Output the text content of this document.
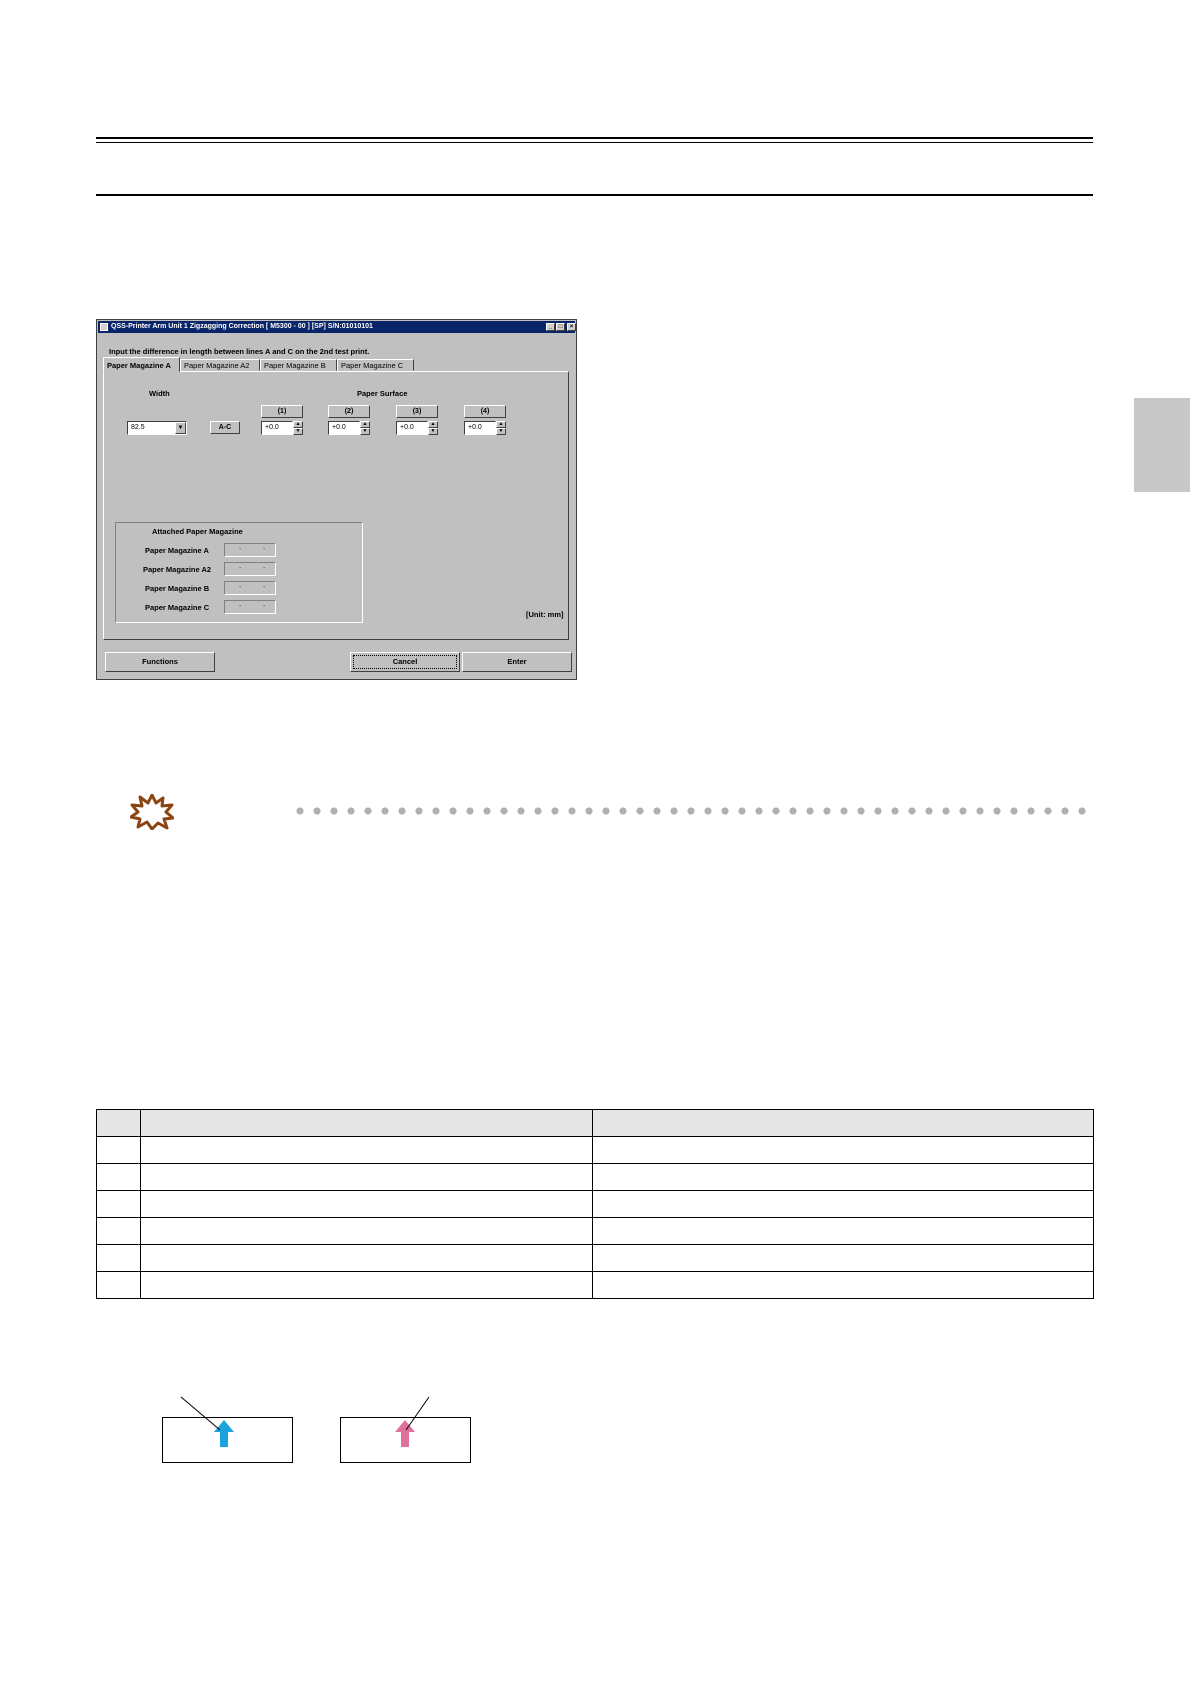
QSS-Printer Arm Unit 1 Zigzagging Correction [ M5300 - 00 ] [SP] S/N:01010101	_	□	×
Input the difference in length between lines A and C on the 2nd test print.
Paper Magazine A	Paper Magazine A2	Paper Magazine B	Paper Magazine C
Width
82.5	▼	A-C
Paper Surface
(1)
+0.0	▲
▼
(2)
+0.0	▲
▼
(3)
+0.0	▲
▼
(4)
+0.0	▲
▼
[Unit: mm]
Attached Paper Magazine
Paper Magazine A	-	-
Paper Magazine A2	-	-
Paper Magazine B	-	-
Paper Magazine C	-	-
Functions	Cancel	Enter
